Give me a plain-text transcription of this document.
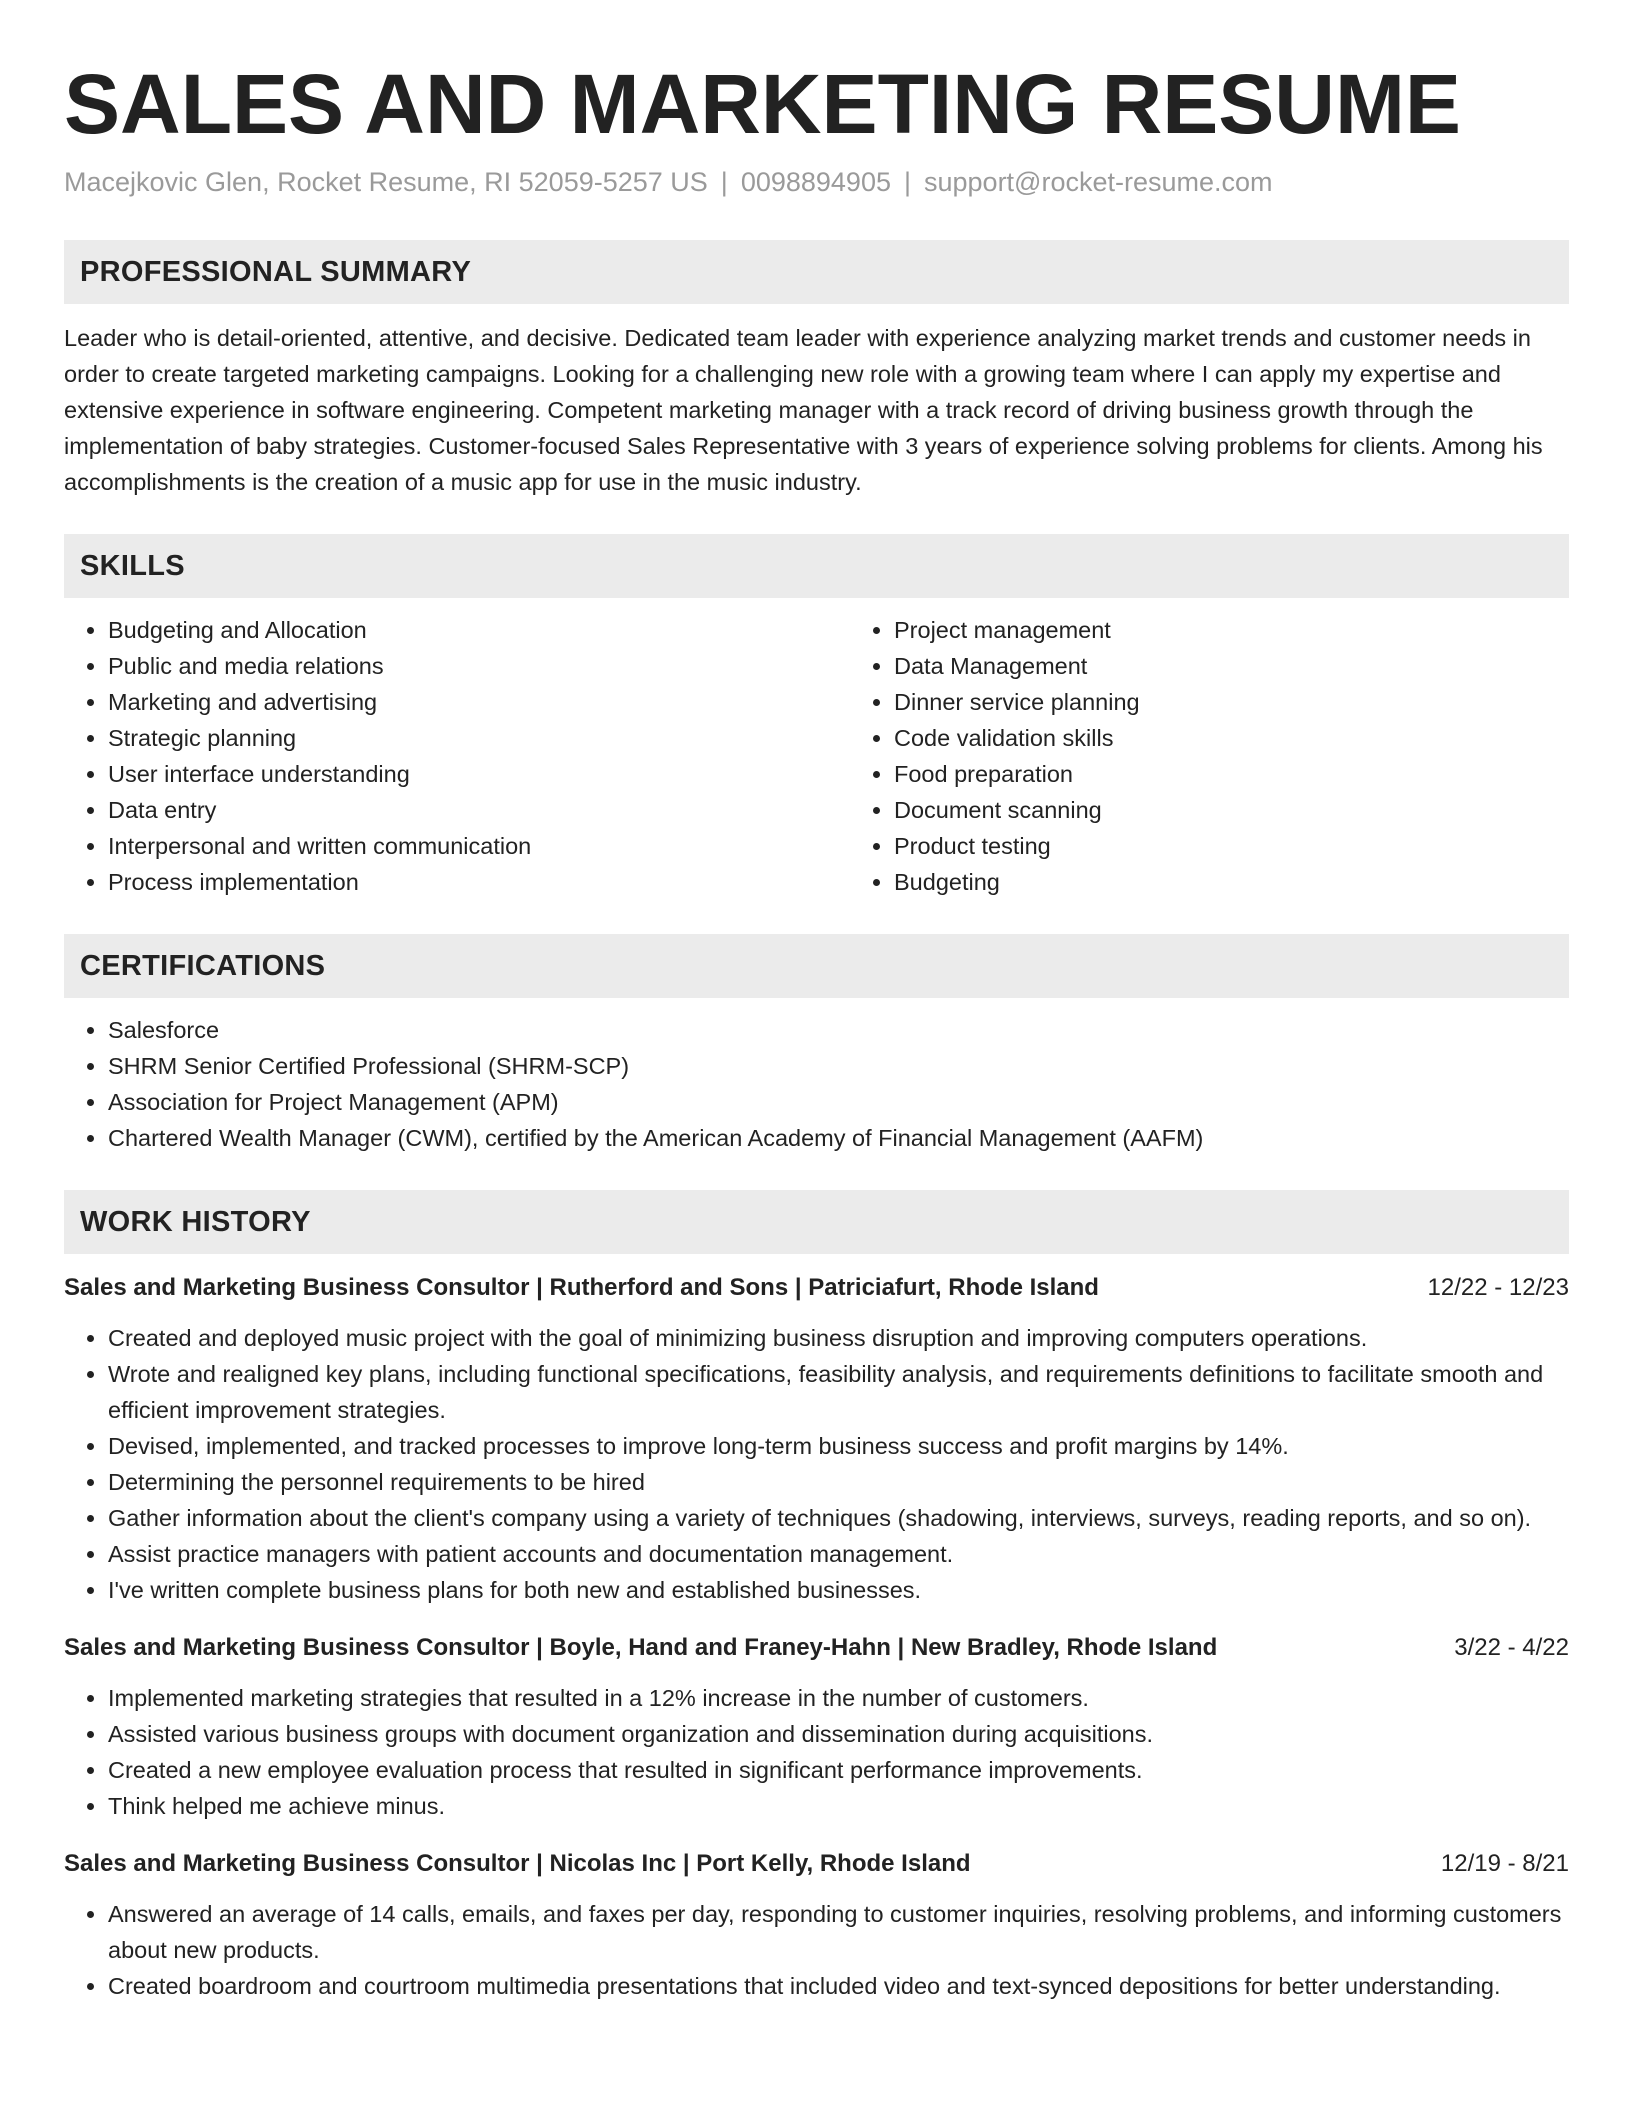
SALES AND MARKETING RESUME
Macejkovic Glen, Rocket Resume, RI 52059-5257 US | 0098894905 | support@rocket-resume.com
PROFESSIONAL SUMMARY

Leader who is detail-oriented, attentive, and decisive. Dedicated team leader with experience analyzing market trends and customer needs in order to create targeted marketing campaigns. Looking for a challenging new role with a growing team where I can apply my expertise and extensive experience in software engineering. Competent marketing manager with a track record of driving business growth through the implementation of baby strategies. Customer-focused Sales Representative with 3 years of experience solving problems for clients. Among his accomplishments is the creation of a music app for use in the music industry.

SKILLS
• Budgeting and Allocation
• Public and media relations
• Marketing and advertising
• Strategic planning
• User interface understanding
• Data entry
• Interpersonal and written communication
• Process implementation
• Project management
• Data Management
• Dinner service planning
• Code validation skills
• Food preparation
• Document scanning
• Product testing
• Budgeting
CERTIFICATIONS
• Salesforce
• SHRM Senior Certified Professional (SHRM-SCP)
• Association for Project Management (APM)
• Chartered Wealth Manager (CWM), certified by the American Academy of Financial Management (AAFM)
WORK HISTORY
Sales and Marketing Business Consultor | Rutherford and Sons | Patriciafurt, Rhode Island	12/22 - 12/23
• Created and deployed music project with the goal of minimizing business disruption and improving computers operations.
• Wrote and realigned key plans, including functional specifications, feasibility analysis, and requirements definitions to facilitate smooth and efficient improvement strategies.
• Devised, implemented, and tracked processes to improve long-term business success and profit margins by 14%.
• Determining the personnel requirements to be hired
• Gather information about the client's company using a variety of techniques (shadowing, interviews, surveys, reading reports, and so on).
• Assist practice managers with patient accounts and documentation management.
• I've written complete business plans for both new and established businesses.
Sales and Marketing Business Consultor | Boyle, Hand and Franey-Hahn | New Bradley, Rhode Island	3/22 - 4/22
• Implemented marketing strategies that resulted in a 12% increase in the number of customers.
• Assisted various business groups with document organization and dissemination during acquisitions.
• Created a new employee evaluation process that resulted in significant performance improvements.
• Think helped me achieve minus.
Sales and Marketing Business Consultor | Nicolas Inc | Port Kelly, Rhode Island	12/19 - 8/21
• Answered an average of 14 calls, emails, and faxes per day, responding to customer inquiries, resolving problems, and informing customers about new products.
• Created boardroom and courtroom multimedia presentations that included video and text-synced depositions for better understanding.
